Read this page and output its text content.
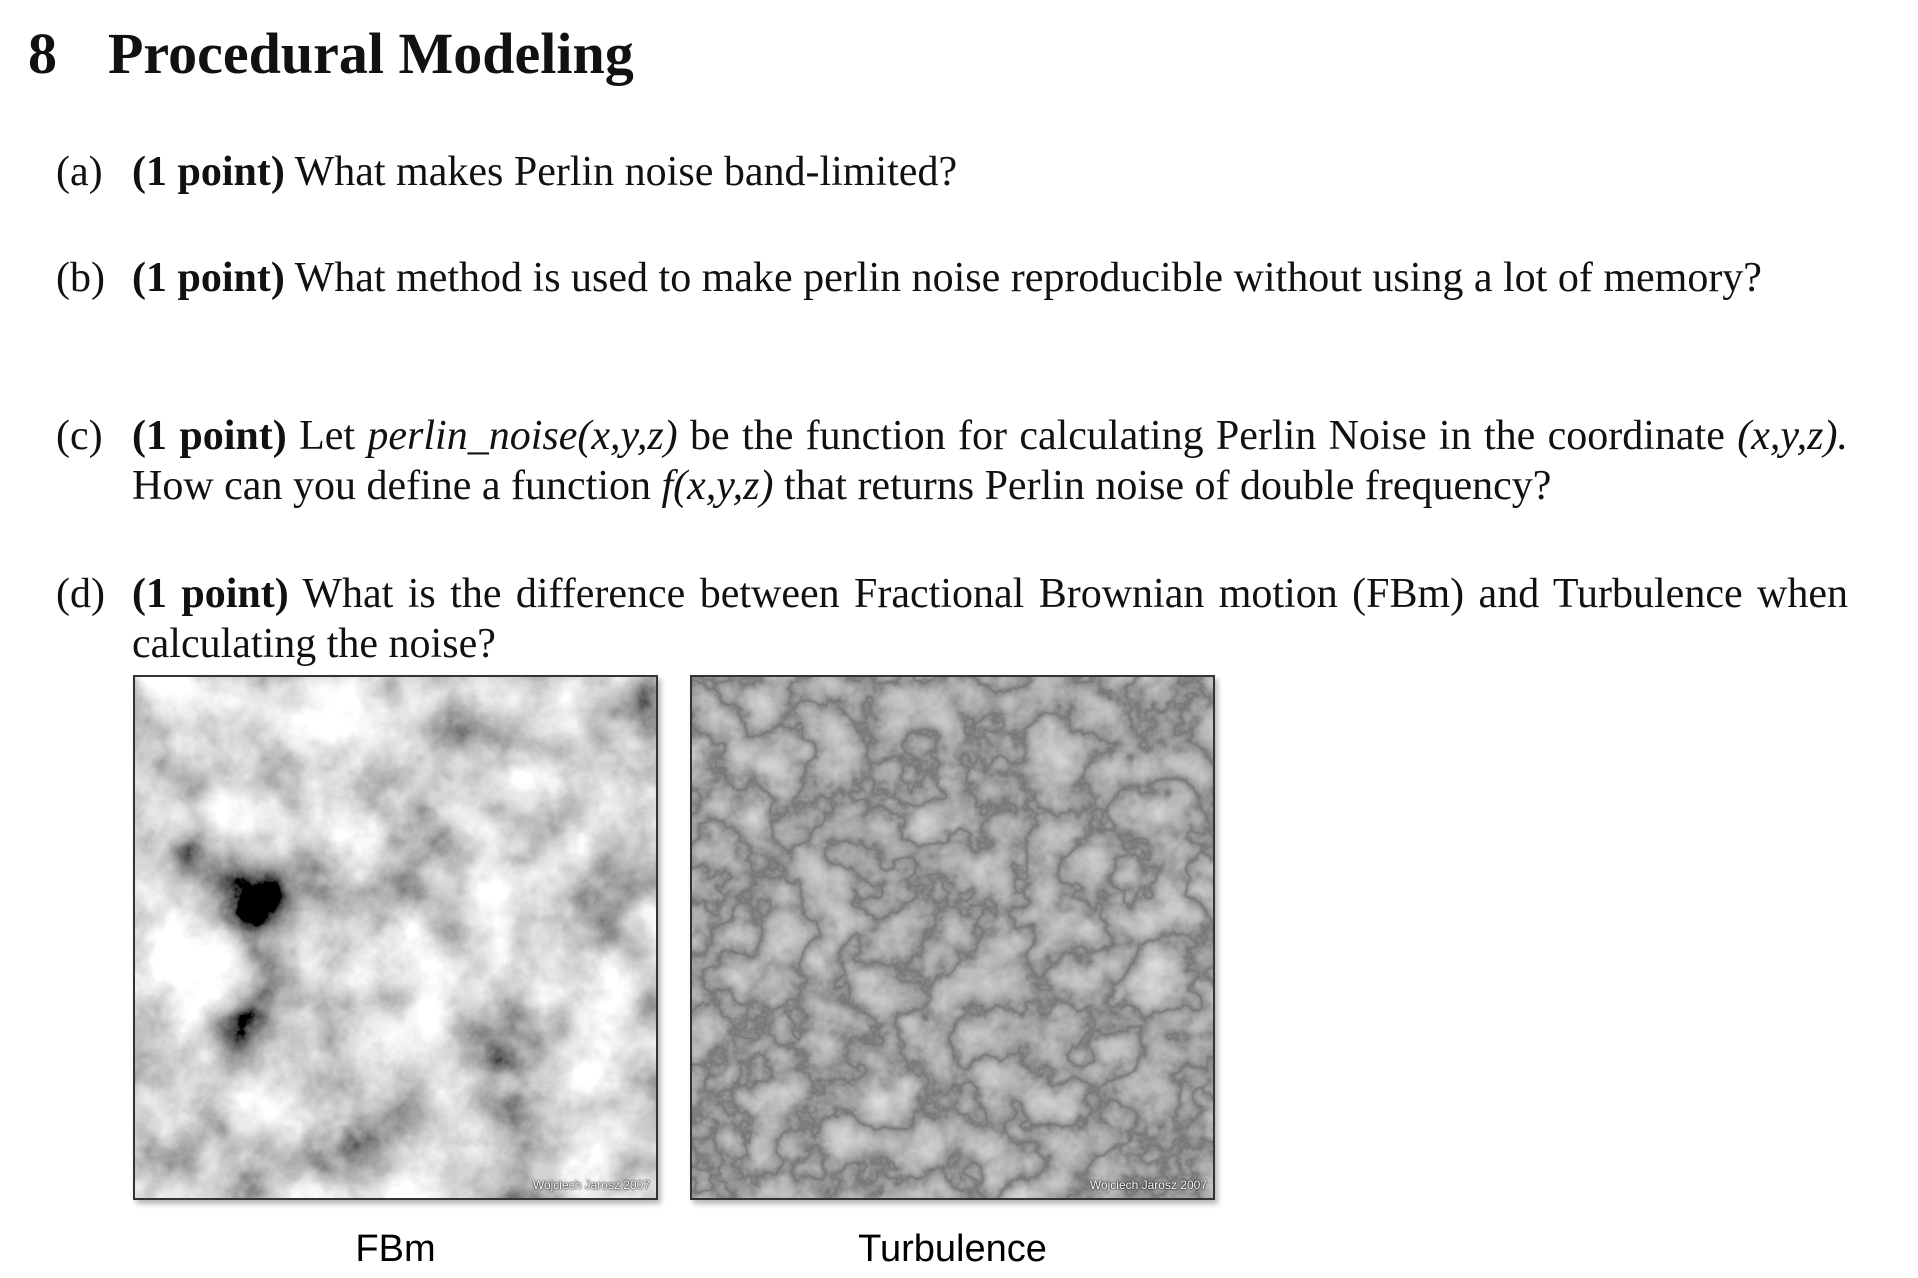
8 Procedural Modeling
(a) (1 point) What makes Perlin noise band-limited?
(b) (1 point) What method is used to make perlin noise reproducible without using a lot of memory?
(c) (1 point) Let perlin_noise(x,y,z) be the function for calculating Perlin Noise in the coordinate (x,y,z). How can you define a function f(x,y,z) that returns Perlin noise of double frequency?
(d) (1 point) What is the difference between Fractional Brownian motion (FBm) and Turbulence when calculating the noise?
Wojciech Jarosz 2007	Wojciech Jarosz 2007
FBm	Turbulence
